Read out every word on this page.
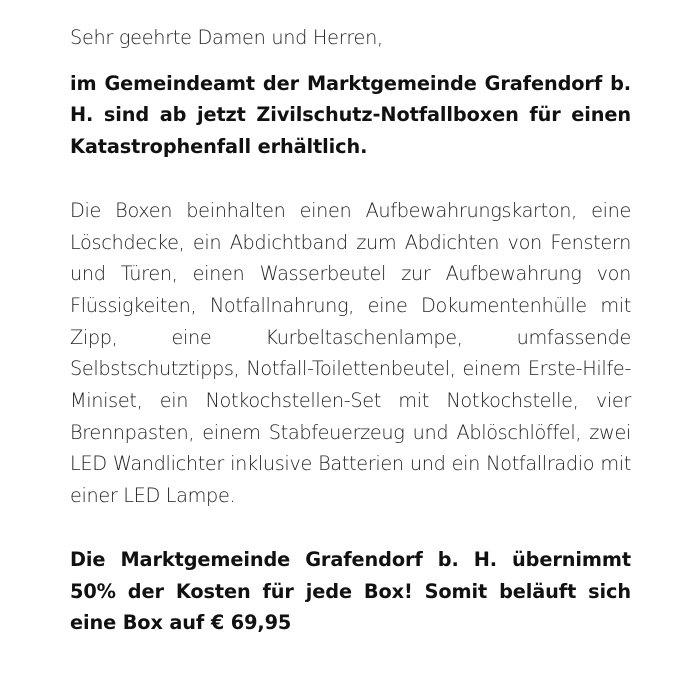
Sehr geehrte Damen und Herren,

im Gemeindeamt der Marktgemeinde Grafendorf b. H. sind ab jetzt Zivilschutz-Notfallboxen für einen Katastrophenfall erhältlich.

Die Boxen beinhalten einen Aufbewahrungskarton, eine Löschdecke, ein Abdichtband zum Abdichten von Fenstern und Türen, einen Wasserbeutel zur Aufbewahrung von Flüssigkeiten, Notfallnahrung, eine Dokumentenhülle mit Zipp, eine Kurbeltaschenlampe, umfassende Selbstschutztipps, Notfall-Toilettenbeutel, einem Erste-Hilfe-Miniset, ein Notkochstellen-Set mit Notkochstelle, vier Brennpasten, einem Stabfeuerzeug und Ablöschlöffel, zwei LED Wandlichter inklusive Batterien und ein Notfallradio mit einer LED Lampe.

Die Marktgemeinde Grafendorf b. H. übernimmt 50% der Kosten für jede Box! Somit beläuft sich eine Box auf € 69,95
